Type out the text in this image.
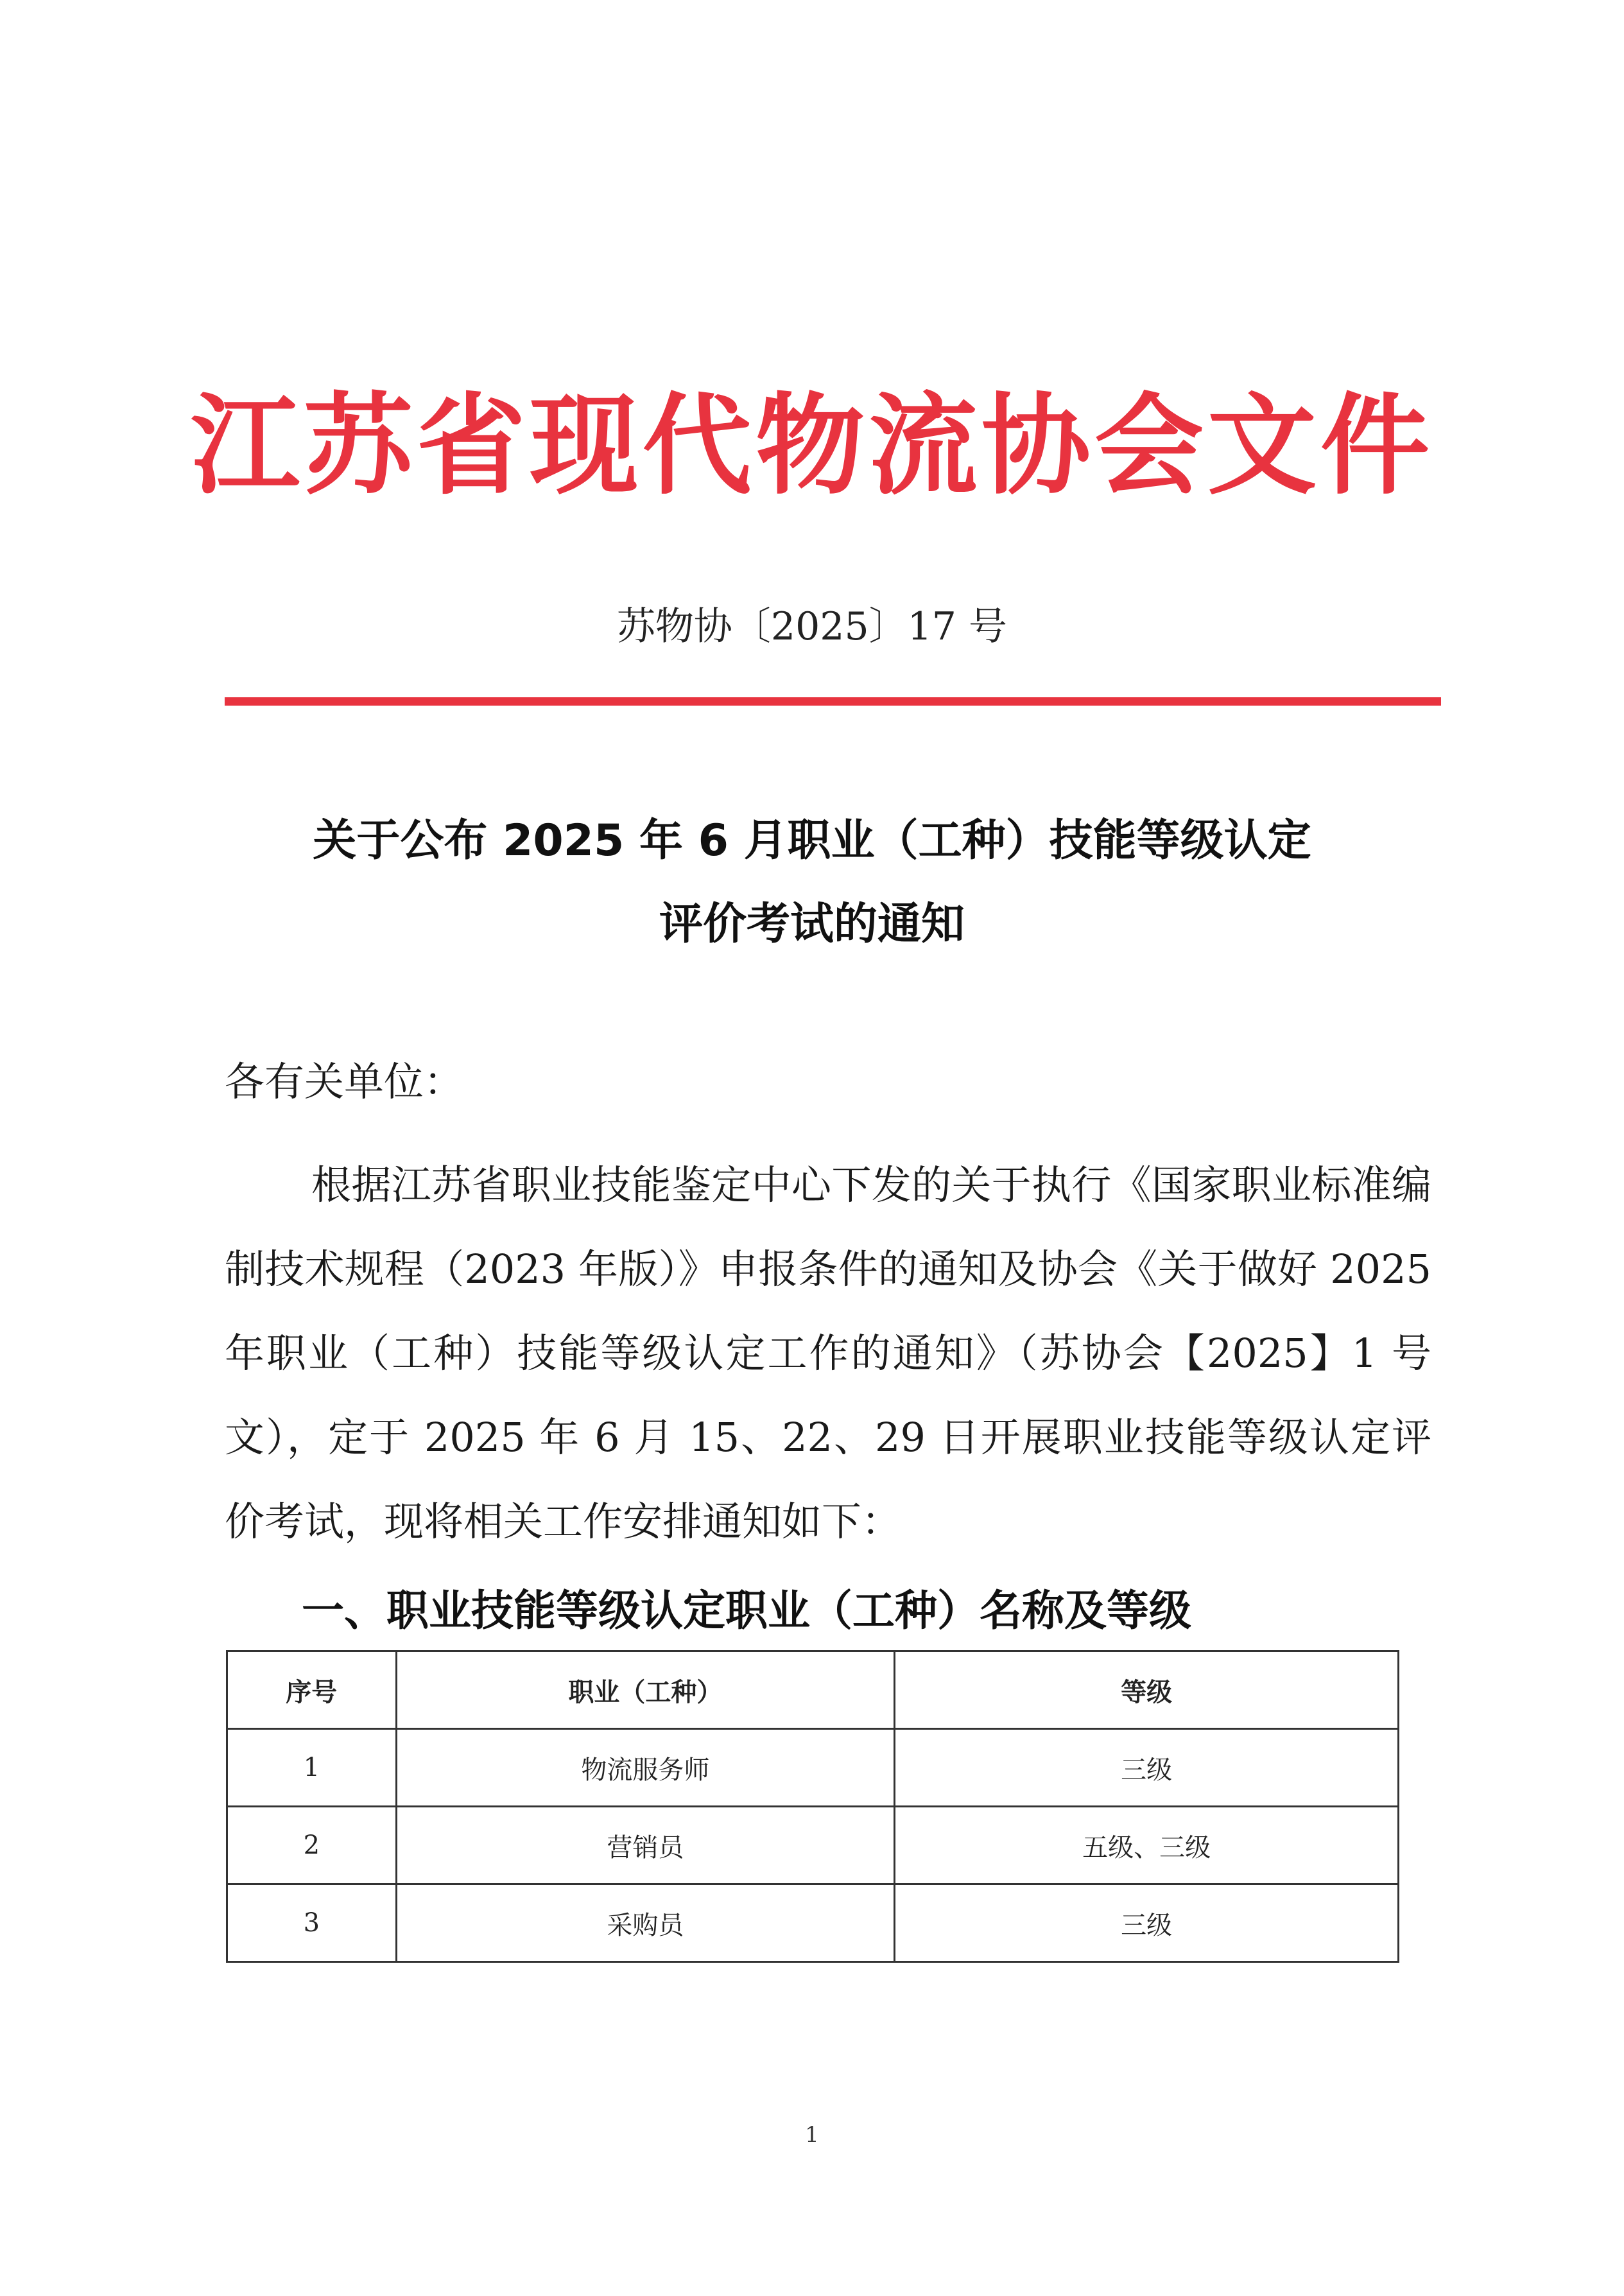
江苏省现代物流协会文件
苏物协〔2025〕17 号
关于公布 2025 年 6 月职业（工种）技能等级认定
评价考试的通知
各有关单位：
根据江苏省职业技能鉴定中心下发的关于执行《国家职业标准编制技术规程（2023 年版）》申报条件的通知及协会《关于做好 2025 年职业（工种）技能等级认定工作的通知》（苏协会【2025】1 号文），定于 2025 年 6 月 15、22、29 日开展职业技能等级认定评价考试，现将相关工作安排通知如下：
一、职业技能等级认定职业（工种）名称及等级
序号	职业（工种）	等级
1	物流服务师	三级
2	营销员	五级、三级
3	采购员	三级
1
